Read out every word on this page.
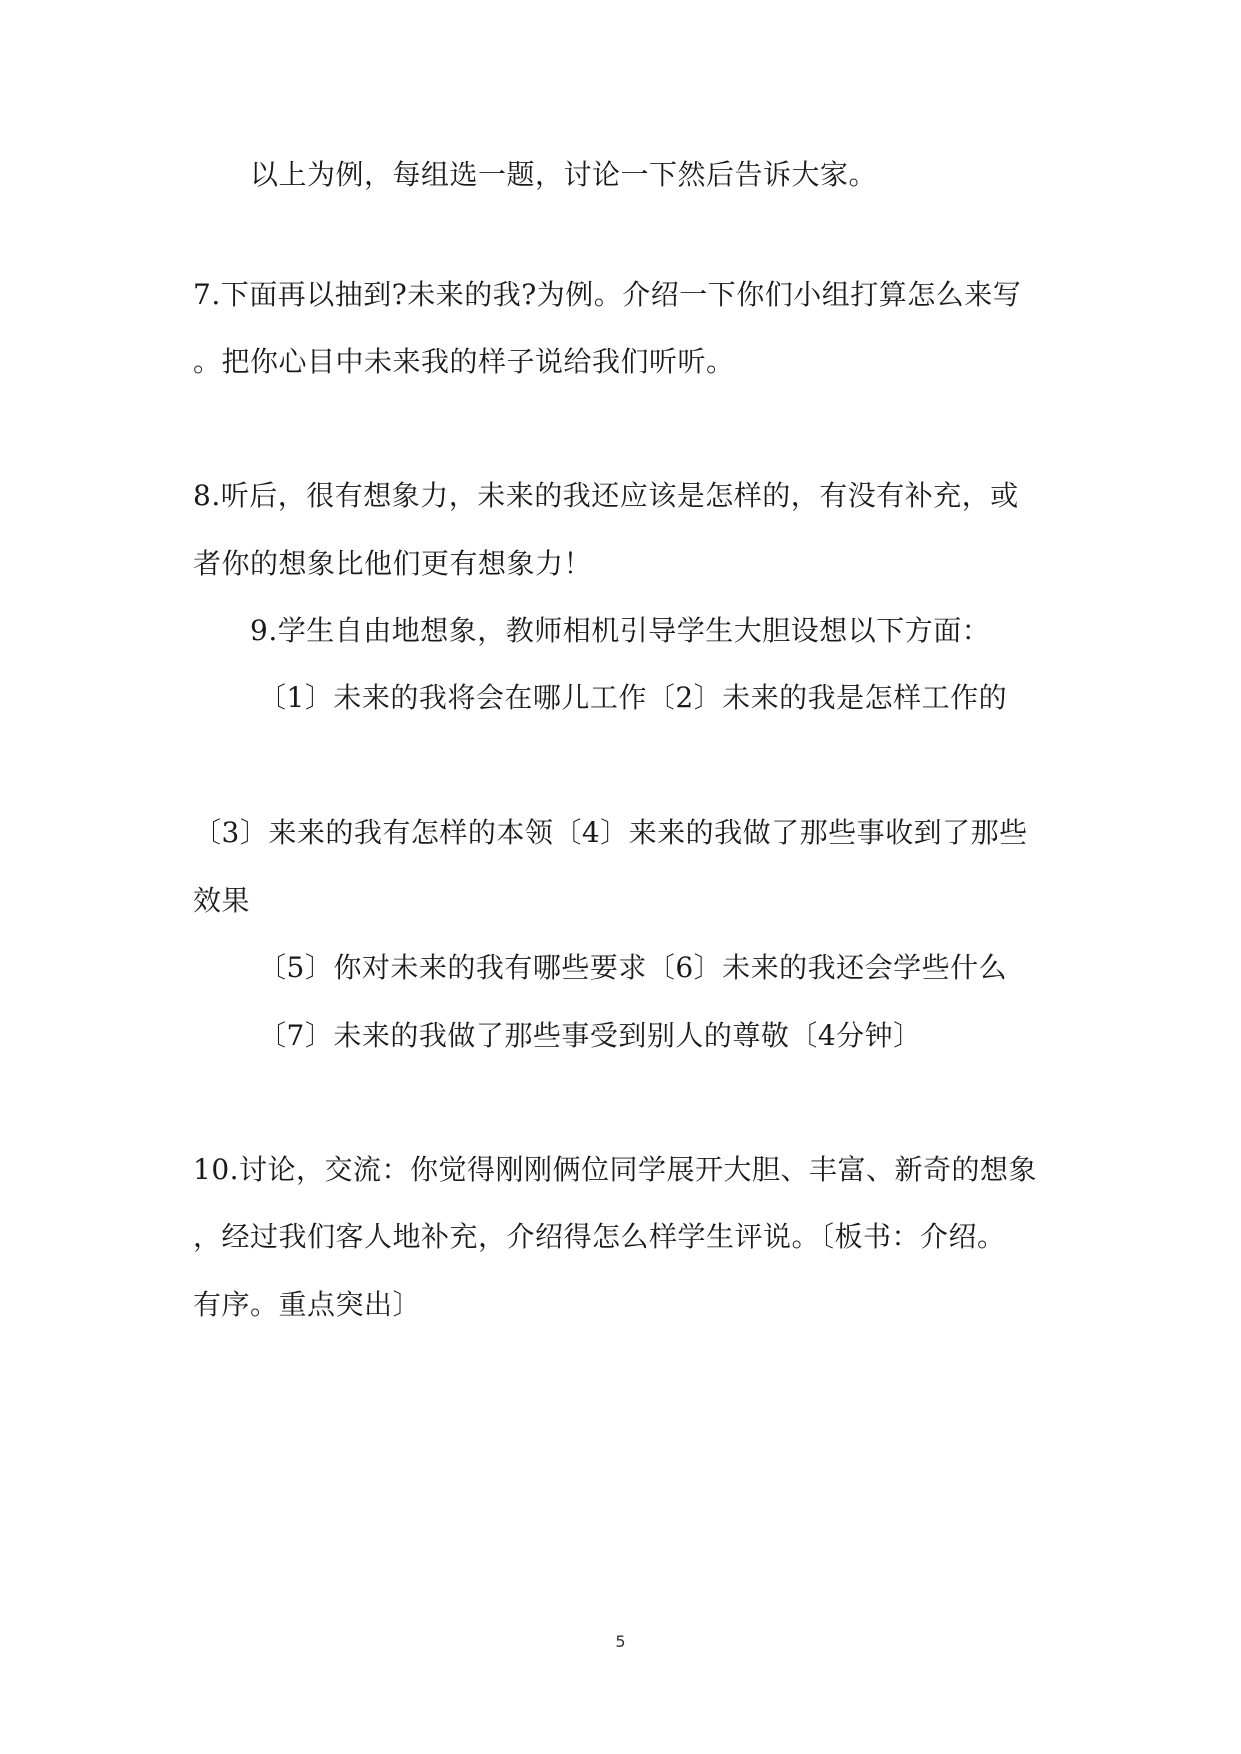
以上为例，每组选一题，讨论一下然后告诉大家。
7.下面再以抽到?未来的我?为例。介绍一下你们小组打算怎么来写
。把你心目中未来我的样子说给我们听听。
8.听后，很有想象力，未来的我还应该是怎样的，有没有补充，或
者你的想象比他们更有想象力！
9.学生自由地想象，教师相机引导学生大胆设想以下方面：
〔1〕未来的我将会在哪儿工作〔2〕未来的我是怎样工作的
〔3〕来来的我有怎样的本领〔4〕来来的我做了那些事收到了那些
效果
〔5〕你对未来的我有哪些要求〔6〕未来的我还会学些什么
〔7〕未来的我做了那些事受到别人的尊敬〔4分钟〕
10.讨论，交流：你觉得刚刚俩位同学展开大胆、丰富、新奇的想象
，经过我们客人地补充，介绍得怎么样学生评说。〔板书：介绍。
有序。重点突出〕
5
